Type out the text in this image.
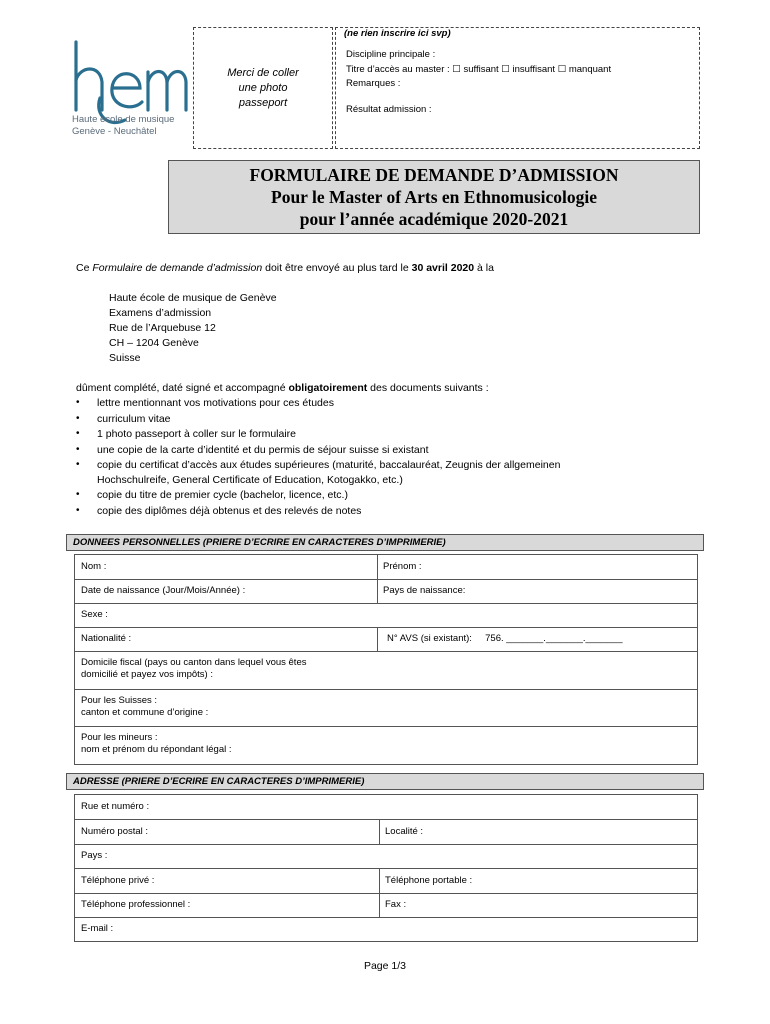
Haute école de musique
Genève - Neuchâtel
Merci de coller
une photo
passeport
(ne rien inscrire ici svp)
Discipline principale :
Titre d’accès au master : ☐ suffisant ☐ insuffisant ☐ manquant
Remarques :
Résultat admission :
FORMULAIRE DE DEMANDE D’ADMISSION
Pour le Master of Arts en Ethnomusicologie
pour l’année académique 2020-2021
Ce Formulaire de demande d’admission doit être envoyé au plus tard le 30 avril 2020 à la
Haute école de musique de Genève
Examens d’admission
Rue de l’Arquebuse 12
CH – 1204 Genève
Suisse
dûment complété, daté signé et accompagné obligatoirement des documents suivants :
• lettre mentionnant vos motivations pour ces études
• curriculum vitae
• 1 photo passeport à coller sur le formulaire
• une copie de la carte d’identité et du permis de séjour suisse si existant
• copie du certificat d’accès aux études supérieures (maturité, baccalauréat, Zeugnis der allgemeinen
Hochschulreife, General Certificate of Education, Kotogakko, etc.)
• copie du titre de premier cycle (bachelor, licence, etc.)
• copie des diplômes déjà obtenus et des relevés de notes
DONNEES PERSONNELLES (PRIERE D’ECRIRE EN CARACTERES D’IMPRIMERIE)
Nom :	Prénom :
Date de naissance (Jour/Mois/Année) :	Pays de naissance:
Sexe :
Nationalité :	N° AVS (si existant):     756. _______._______._______
Domicile fiscal (pays ou canton dans lequel vous êtes
domicilié et payez vos impôts) :
Pour les Suisses :
canton et commune d’origine :
Pour les mineurs :
nom et prénom du répondant légal :
ADRESSE (PRIERE D’ECRIRE EN CARACTERES D’IMPRIMERIE)
Rue et numéro :
Numéro postal :	Localité :
Pays :
Téléphone privé :	Téléphone portable :
Téléphone professionnel :	Fax :
E-mail :
Page 1/3
